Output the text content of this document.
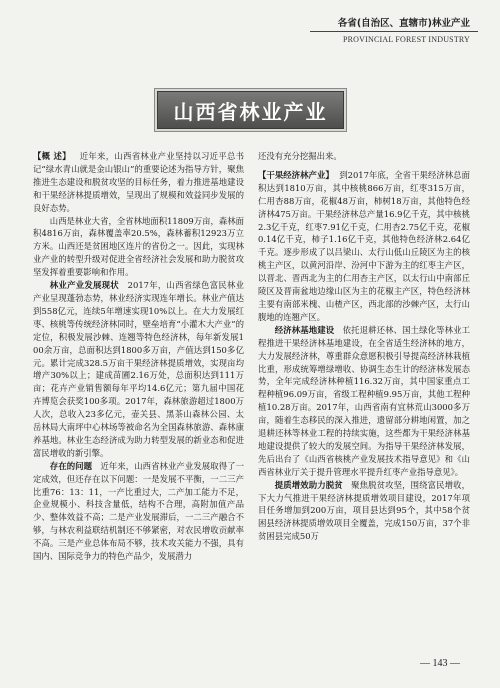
各省(自治区、直辖市)林业产业
PROVINCIAL FOREST INDUSTRY
山西省林业产业

【概 述】 近年来，山西省林业产业坚持以习近平总书记“绿水青山就是金山银山”的重要论述为指导方针，聚焦推进生态建设和脱贫攻坚的目标任务，着力推进基地建设和干果经济林提质增效，呈现出了规模和效益同步发展的良好态势。

山西是林业大省，全省林地面积11809万亩，森林面积4816万亩，森林覆盖率20.5%，森林蓄积12923万立方米。山西还是贫困地区连片的省份之一。因此，实现林业产业的转型升级对促进全省经济社会发展和助力脱贫攻坚发挥着重要影响和作用。

林业产业发展现状 2017年，山西省绿色富民林业产业呈现蓬勃态势，林业经济实现连年增长。林业产值达到558亿元，连续5年增速实现10%以上。在大力发展红枣、核桃等传统经济林同时，壁垒培育“小灌木大产业”的定位，积极发展沙棘、连翘等特色经济林，每年新发展100余万亩，总面积达到1800多万亩，产值达到150多亿元。累计完成328.5万亩干果经济林提质增效，实现亩均增产30%以上；建成苗圃2.16万处，总面积达到111万亩；花卉产业销售额每年平均14.6亿元；第九届中国花卉博览会获奖100多项。2017年，森林旅游超过1800万人次，总收入23多亿元，壶关县、黑茶山森林公园、太岳林局大南坪中心林场等被命名为全国森林旅游、森林康养基地。林业生态经济成为助力转型发展的新业态和促进富民增收的新引擎。

存在的问题 近年来，山西省林业产业发展取得了一定成效，但还存在以下问题：一是发展不平衡，一二三产比重76：13：11，一产比重过大，二产加工能力不足，企业规模小、科技含量低，结构不合理，高附加值产品少、整体效益不高；二是产业发展滞后，一二三产融合不够，与林农利益联结机制还不够紧密，对农民增收贡献率不高。三是产业总体布局不够，技术攻关能力不强，具有国内、国际竞争力的特色产品少，发展潜力

还没有充分挖掘出来。

【干果经济林产业】 到2017年底，全省干果经济林总面积达到1810万亩，其中核桃866万亩，红枣315万亩，仁用杏88万亩，花椒48万亩，柿树18万亩，其他特色经济林475万亩。干果经济林总产量16.9亿千克，其中核桃2.3亿千克，红枣7.91亿千克，仁用杏2.75亿千克，花椒0.14亿千克，柿子1.16亿千克，其他特色经济林2.64亿千克。逐步形成了以吕梁山、太行山低山丘陵区为主的核桃主产区，以黄河沿岸、汾河中下游为主的红枣主产区，以晋北、晋西北为主的仁用杏主产区，以太行山中南部丘陵区及晋南盆地边缘山区为主的花椒主产区，特色经济林主要有南部米槐、山楂产区，西北部的沙棘产区，太行山腹地的连翘产区。

经济林基地建设 依托退耕还林、国土绿化等林业工程推进干果经济林基地建设，在全省适生经济林的地方，大力发展经济林，尊重群众意愿积极引导提高经济林栽植比重，形成统筹增绿增收、协调生态生计的经济林发展态势，全年完成经济林种植116.32万亩，其中国家重点工程种植96.09万亩，省级工程种植9.95万亩，其他工程种植10.28万亩。2017年，山西省南有宜林荒山3000多万亩，随着生态移民的深入推进，遗留部分耕地闲置，加之退耕还林等林业工程的持续实施，这些都为干果经济林基地建设提供了较大的发展空间。为指导干果经济林发展，先后出台了《山西省核桃产业发展技术指导意见》和《山西省林业厅关于提升管理水平提升红枣产业指导意见》。

提质增效助力脱贫 聚焦脱贫攻坚，围绕富民增收，下大力气推进干果经济林提质增效项目建设，2017年项目任务增加到200万亩，项目县达到95个，其中58个贫困县经济林提质增效项目全覆盖，完成150万亩，37个非贫困县完成50万

— 143 —
